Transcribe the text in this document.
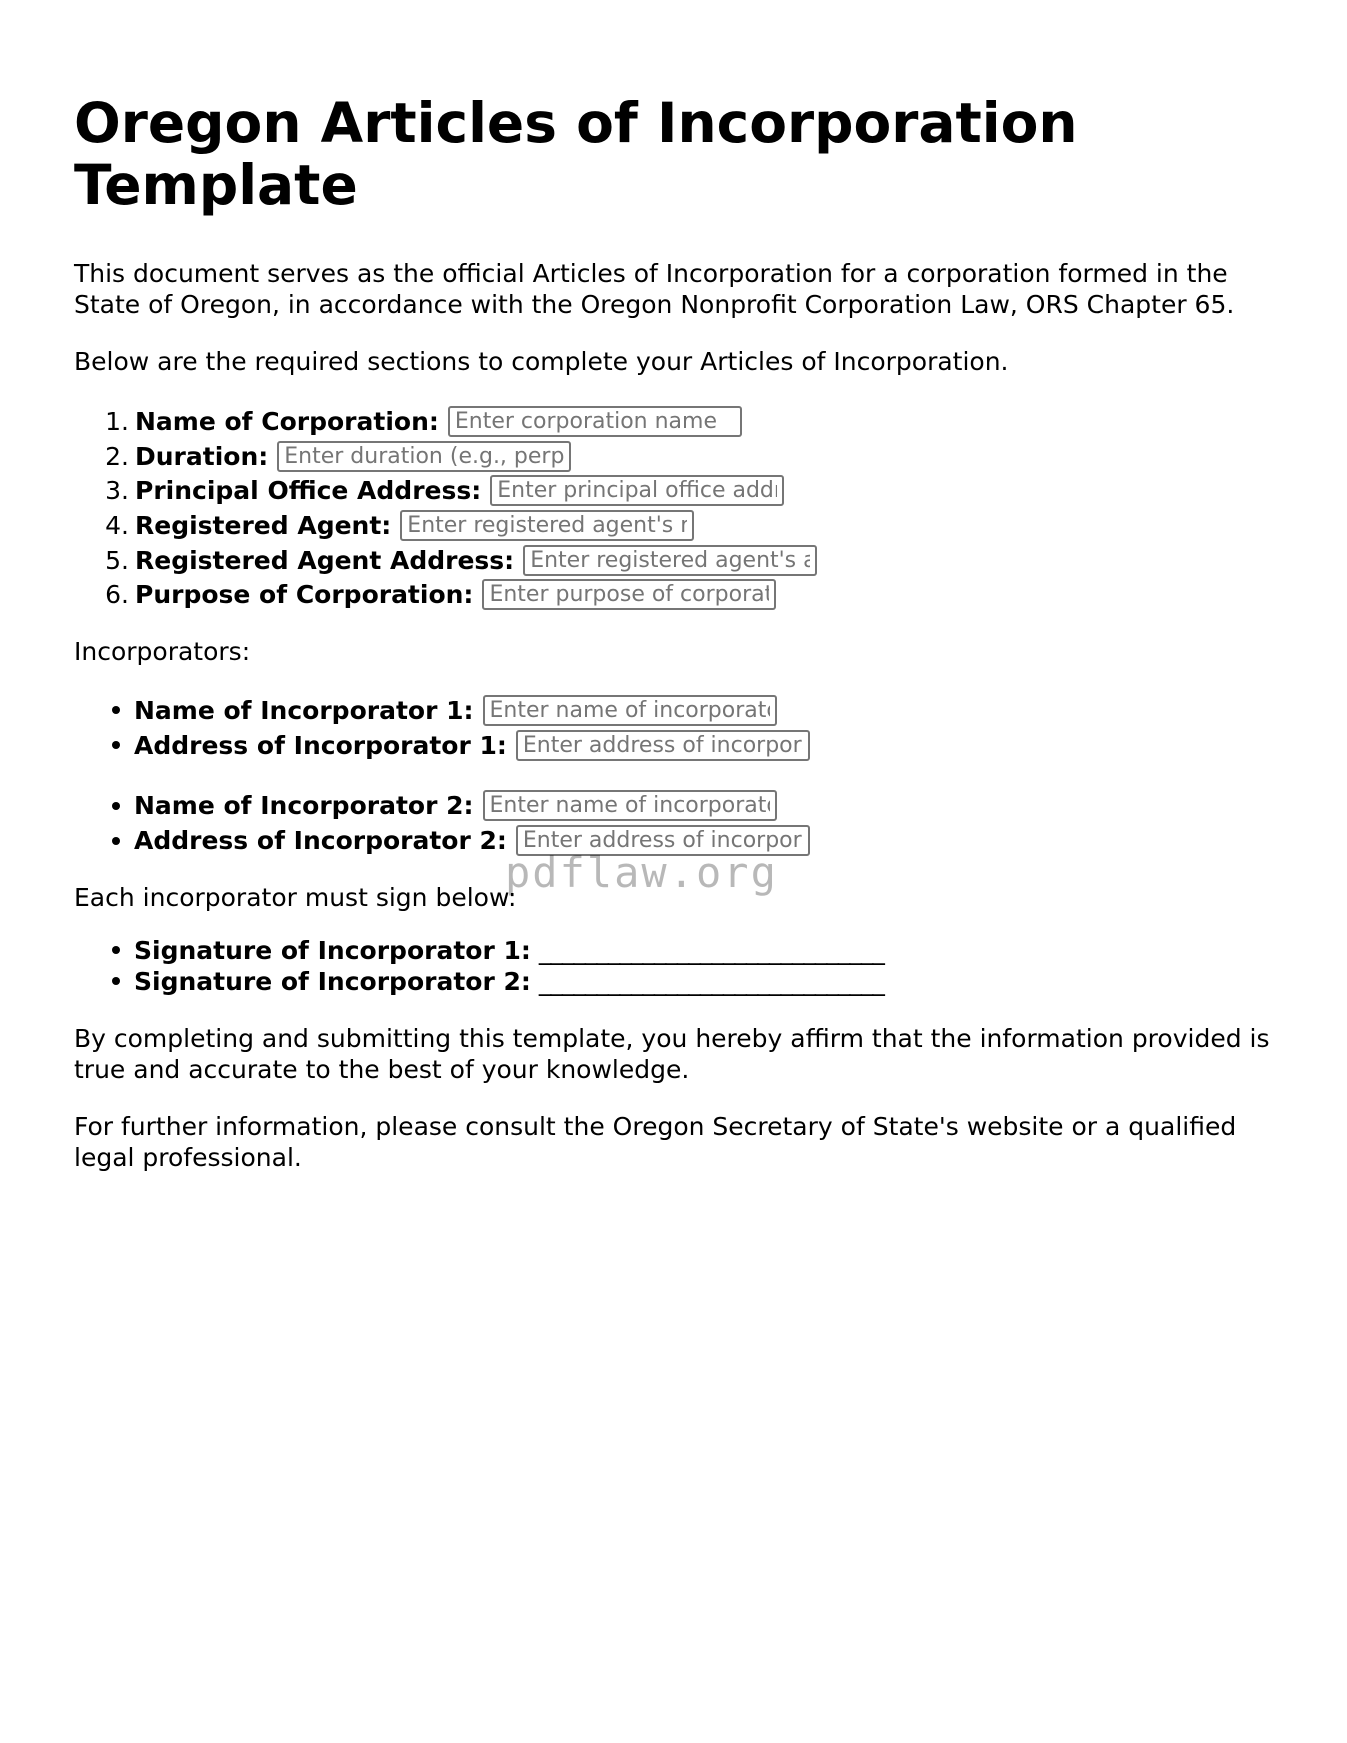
Oregon Articles of Incorporation Template

This document serves as the official Articles of Incorporation for a corporation formed in the State of Oregon, in accordance with the Oregon Nonprofit Corporation Law, ORS Chapter 65.

Below are the required sections to complete your Articles of Incorporation.

1. Name of Corporation:
Enter corporation name
2. Duration:
Enter duration (e.g., perpetual)
3. Principal Office Address:
Enter principal office address
4. Registered Agent:
Enter registered agent's name
5. Registered Agent Address:
Enter registered agent's address
6. Purpose of Corporation:
Enter purpose of corporation

Incorporators:

Name of Incorporator 1:
Enter name of incorporator
Address of Incorporator 1:
Enter address of incorporator
Name of Incorporator 2:
Enter name of incorporator
Address of Incorporator 2:
Enter address of incorporator

Each incorporator must sign below:

Signature of Incorporator 1: ______________________________
Signature of Incorporator 2: ______________________________

By completing and submitting this template, you hereby affirm that the information provided is true and accurate to the best of your knowledge.

For further information, please consult the Oregon Secretary of State's website or a qualified legal professional.

pdflaw.org
